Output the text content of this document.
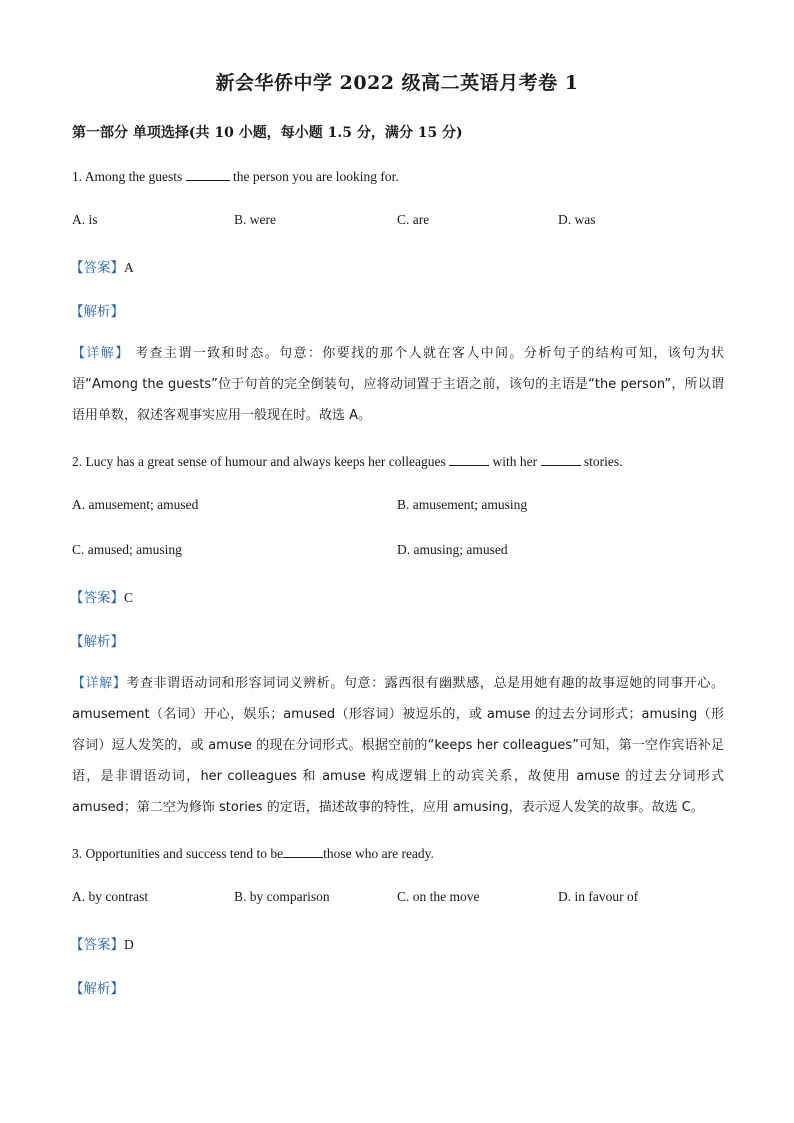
新会华侨中学 2022 级高二英语月考卷 1
第一部分 单项选择(共 10 小题，每小题 1.5 分，满分 15 分)
1. Among the guests	the person you are looking for.
A. is	B. were	C. are	D. was
【答案】A
【解析】
【详解】 考查主谓一致和时态。句意：你要找的那个人就在客人中间。分析句子的结构可知，该句为状语“Among the guests”位于句首的完全倒装句，应将动词置于主语之前，该句的主语是“the person”，所以谓语用单数，叙述客观事实应用一般现在时。故选 A。
2. Lucy has a great sense of humour and always keeps her colleagues	with her	stories.
A. amusement; amused	B. amusement; amusing
C. amused; amusing	D. amusing; amused
【答案】C
【解析】
【详解】考查非谓语动词和形容词词义辨析。句意：露西很有幽默感，总是用她有趣的故事逗她的同事开心。amusement（名词）开心，娱乐；amused（形容词）被逗乐的，或 amuse 的过去分词形式；amusing（形容词）逗人发笑的，或 amuse 的现在分词形式。根据空前的“keeps her colleagues”可知，第一空作宾语补足语，是非谓语动词，her colleagues 和 amuse 构成逻辑上的动宾关系，故使用 amuse 的过去分词形式 amused；第二空为修饰 stories 的定语，描述故事的特性，应用 amusing，表示逗人发笑的故事。故选 C。
3. Opportunities and success tend to be	those who are ready.
A. by contrast	B. by comparison	C. on the move	D. in favour of
【答案】D
【解析】
